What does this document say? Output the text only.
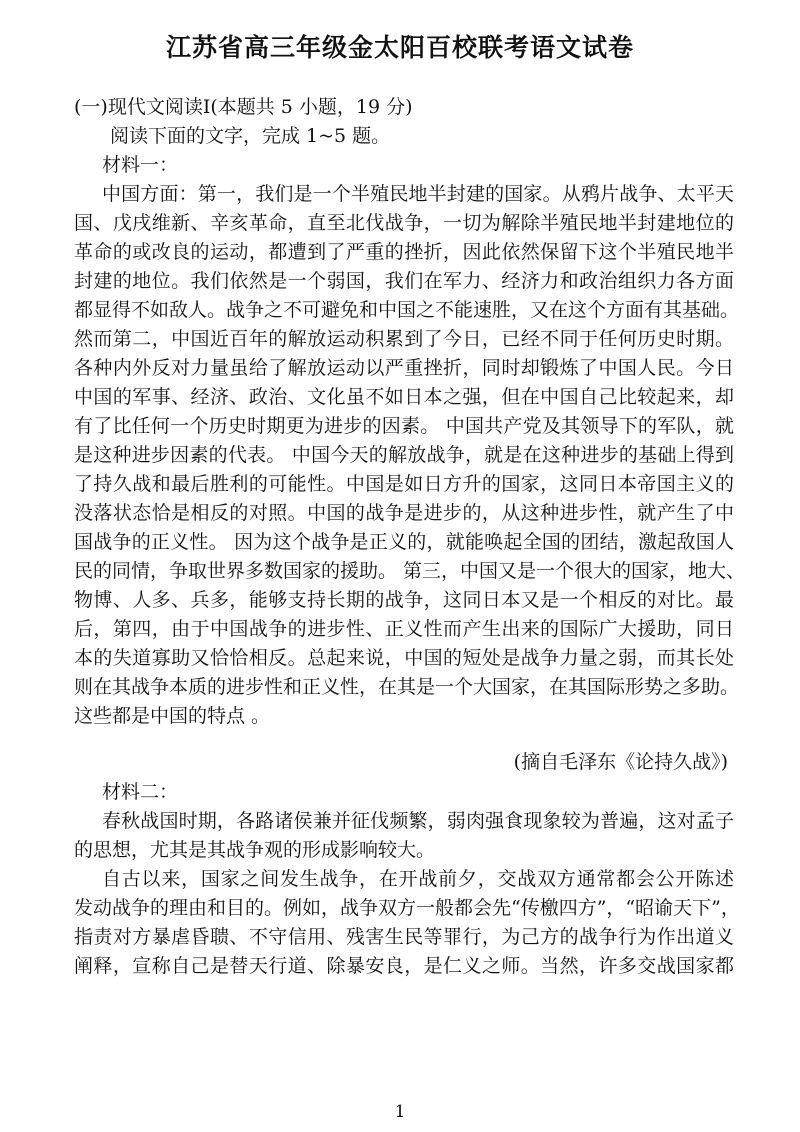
江苏省高三年级金太阳百校联考语文试卷
(一)现代文阅读I(本题共 5 小题，19 分)
阅读下面的文字，完成 1~5 题。
材料一：
中国方面：第一，我们是一个半殖民地半封建的国家。从鸦片战争、太平天
国、戊戌维新、辛亥革命，直至北伐战争，一切为解除半殖民地半封建地位的
革命的或改良的运动，都遭到了严重的挫折，因此依然保留下这个半殖民地半
封建的地位。我们依然是一个弱国，我们在军力、经济力和政治组织力各方面
都显得不如敌人。战争之不可避免和中国之不能速胜，又在这个方面有其基础。
然而第二，中国近百年的解放运动积累到了今日，已经不同于任何历史时期。
各种内外反对力量虽给了解放运动以严重挫折，同时却锻炼了中国人民。今日
中国的军事、经济、政治、文化虽不如日本之强，但在中国自己比较起来，却
有了比任何一个历史时期更为进步的因素。 中国共产党及其领导下的军队，就
是这种进步因素的代表。 中国今天的解放战争，就是在这种进步的基础上得到
了持久战和最后胜利的可能性。中国是如日方升的国家，这同日本帝国主义的
没落状态恰是相反的对照。中国的战争是进步的，从这种进步性，就产生了中
国战争的正义性。 因为这个战争是正义的，就能唤起全国的团结，激起敌国人
民的同情，争取世界多数国家的援助。 第三，中国又是一个很大的国家，地大、
物博、人多、兵多，能够支持长期的战争，这同日本又是一个相反的对比。最
后，第四，由于中国战争的进步性、正义性而产生出来的国际广大援助，同日
本的失道寡助又恰恰相反。总起来说，中国的短处是战争力量之弱，而其长处
则在其战争本质的进步性和正义性，在其是一个大国家，在其国际形势之多助。
这些都是中国的特点 。
(摘自毛泽东《论持久战》)
材料二：
春秋战国时期，各路诸侯兼并征伐频繁，弱肉强食现象较为普遍，这对孟子
的思想，尤其是其战争观的形成影响较大。
自古以来，国家之间发生战争，在开战前夕，交战双方通常都会公开陈述
发动战争的理由和目的。例如，战争双方一般都会先“传檄四方”，“昭谕天下”，
指责对方暴虐昏聩、不守信用、残害生民等罪行，为己方的战争行为作出道义
阐释，宣称自己是替天行道、除暴安良，是仁义之师。当然，许多交战国家都
1
